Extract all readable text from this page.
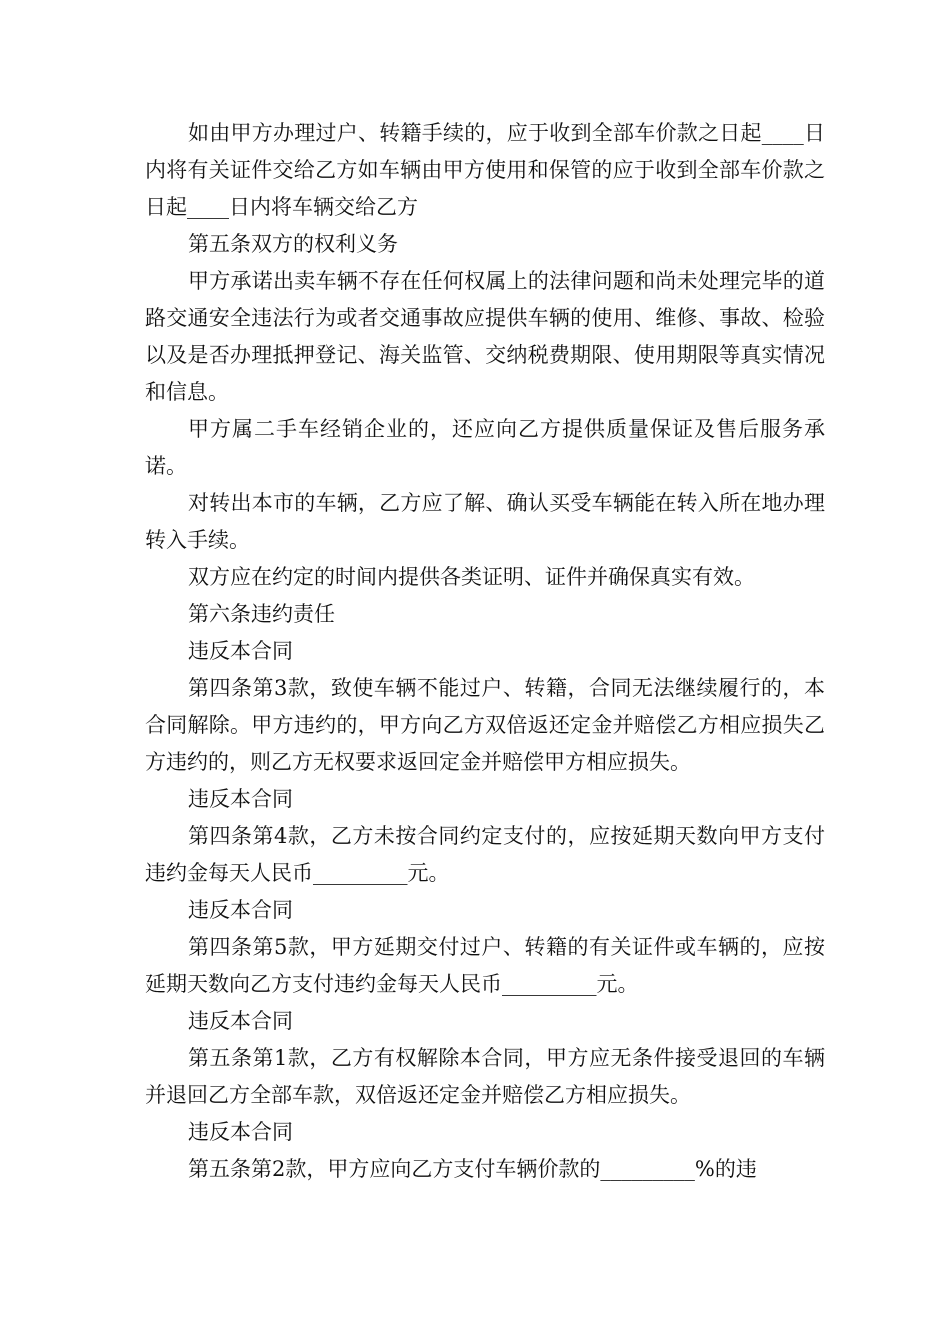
如由甲方办理过户、转籍手续的，应于收到全部车价款之日起____日内将有关证件交给乙方如车辆由甲方使用和保管的应于收到全部车价款之日起____日内将车辆交给乙方

第五条双方的权利义务

甲方承诺出卖车辆不存在任何权属上的法律问题和尚未处理完毕的道路交通安全违法行为或者交通事故应提供车辆的使用、维修、事故、检验以及是否办理抵押登记、海关监管、交纳税费期限、使用期限等真实情况和信息。

甲方属二手车经销企业的，还应向乙方提供质量保证及售后服务承诺。

对转出本市的车辆，乙方应了解、确认买受车辆能在转入所在地办理转入手续。

双方应在约定的时间内提供各类证明、证件并确保真实有效。

第六条违约责任

违反本合同

第四条第3款，致使车辆不能过户、转籍，合同无法继续履行的，本合同解除。甲方违约的，甲方向乙方双倍返还定金并赔偿乙方相应损失乙方违约的，则乙方无权要求返回定金并赔偿甲方相应损失。

违反本合同

第四条第4款，乙方未按合同约定支付的，应按延期天数向甲方支付违约金每天人民币_________元。

违反本合同

第四条第5款，甲方延期交付过户、转籍的有关证件或车辆的，应按延期天数向乙方支付违约金每天人民币_________元。

违反本合同

第五条第1款，乙方有权解除本合同，甲方应无条件接受退回的车辆并退回乙方全部车款，双倍返还定金并赔偿乙方相应损失。

违反本合同

第五条第2款，甲方应向乙方支付车辆价款的_________%的违
